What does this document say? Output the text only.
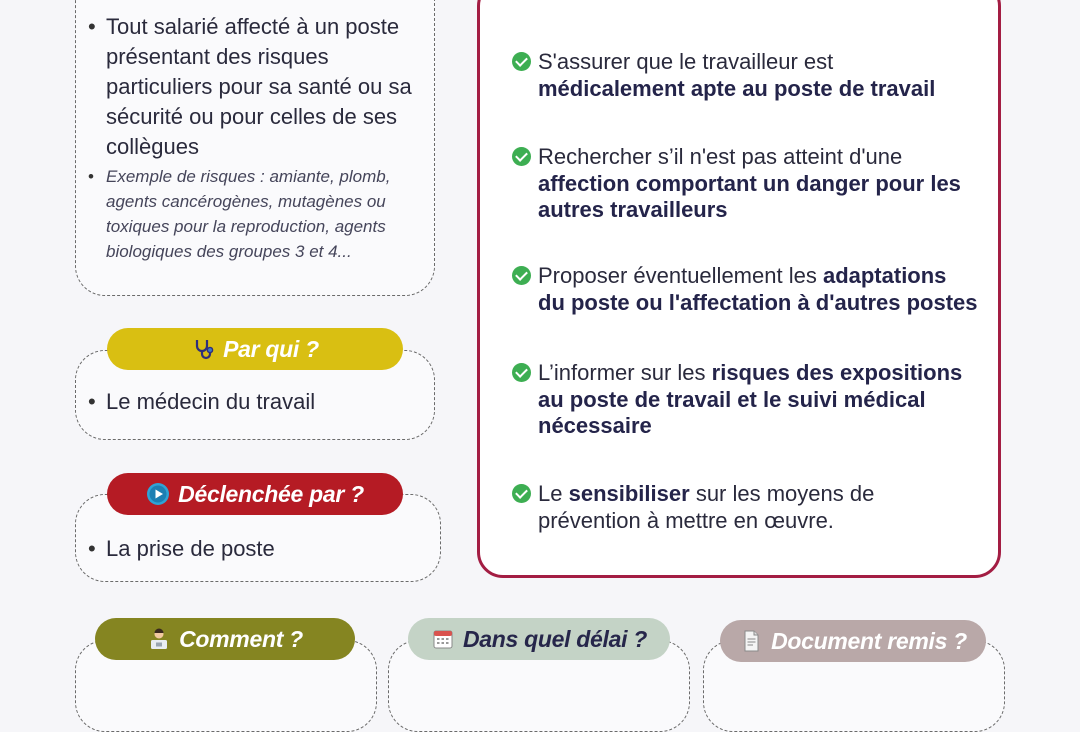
• Tout salarié affecté à un poste présentant des risques particuliers pour sa santé ou sa sécurité ou pour celles de ses collègues
• Exemple de risques : amiante, plomb, agents cancérogènes, mutagènes ou toxiques pour la reproduction, agents biologiques des groupes 3 et 4...
Par qui ?
• Le médecin du travail
Déclenchée par ?
• La prise de poste
S'assurer que le travailleur est médicalement apte au poste de travail
Rechercher s’il n'est pas atteint d'une affection comportant un danger pour les autres travailleurs
Proposer éventuellement les adaptations du poste ou l'affectation à d'autres postes
L’informer sur les risques des expositions au poste de travail et le suivi médical nécessaire
Le sensibiliser sur les moyens de prévention à mettre en œuvre.
Comment ?	Dans quel délai ?	Document remis ?
